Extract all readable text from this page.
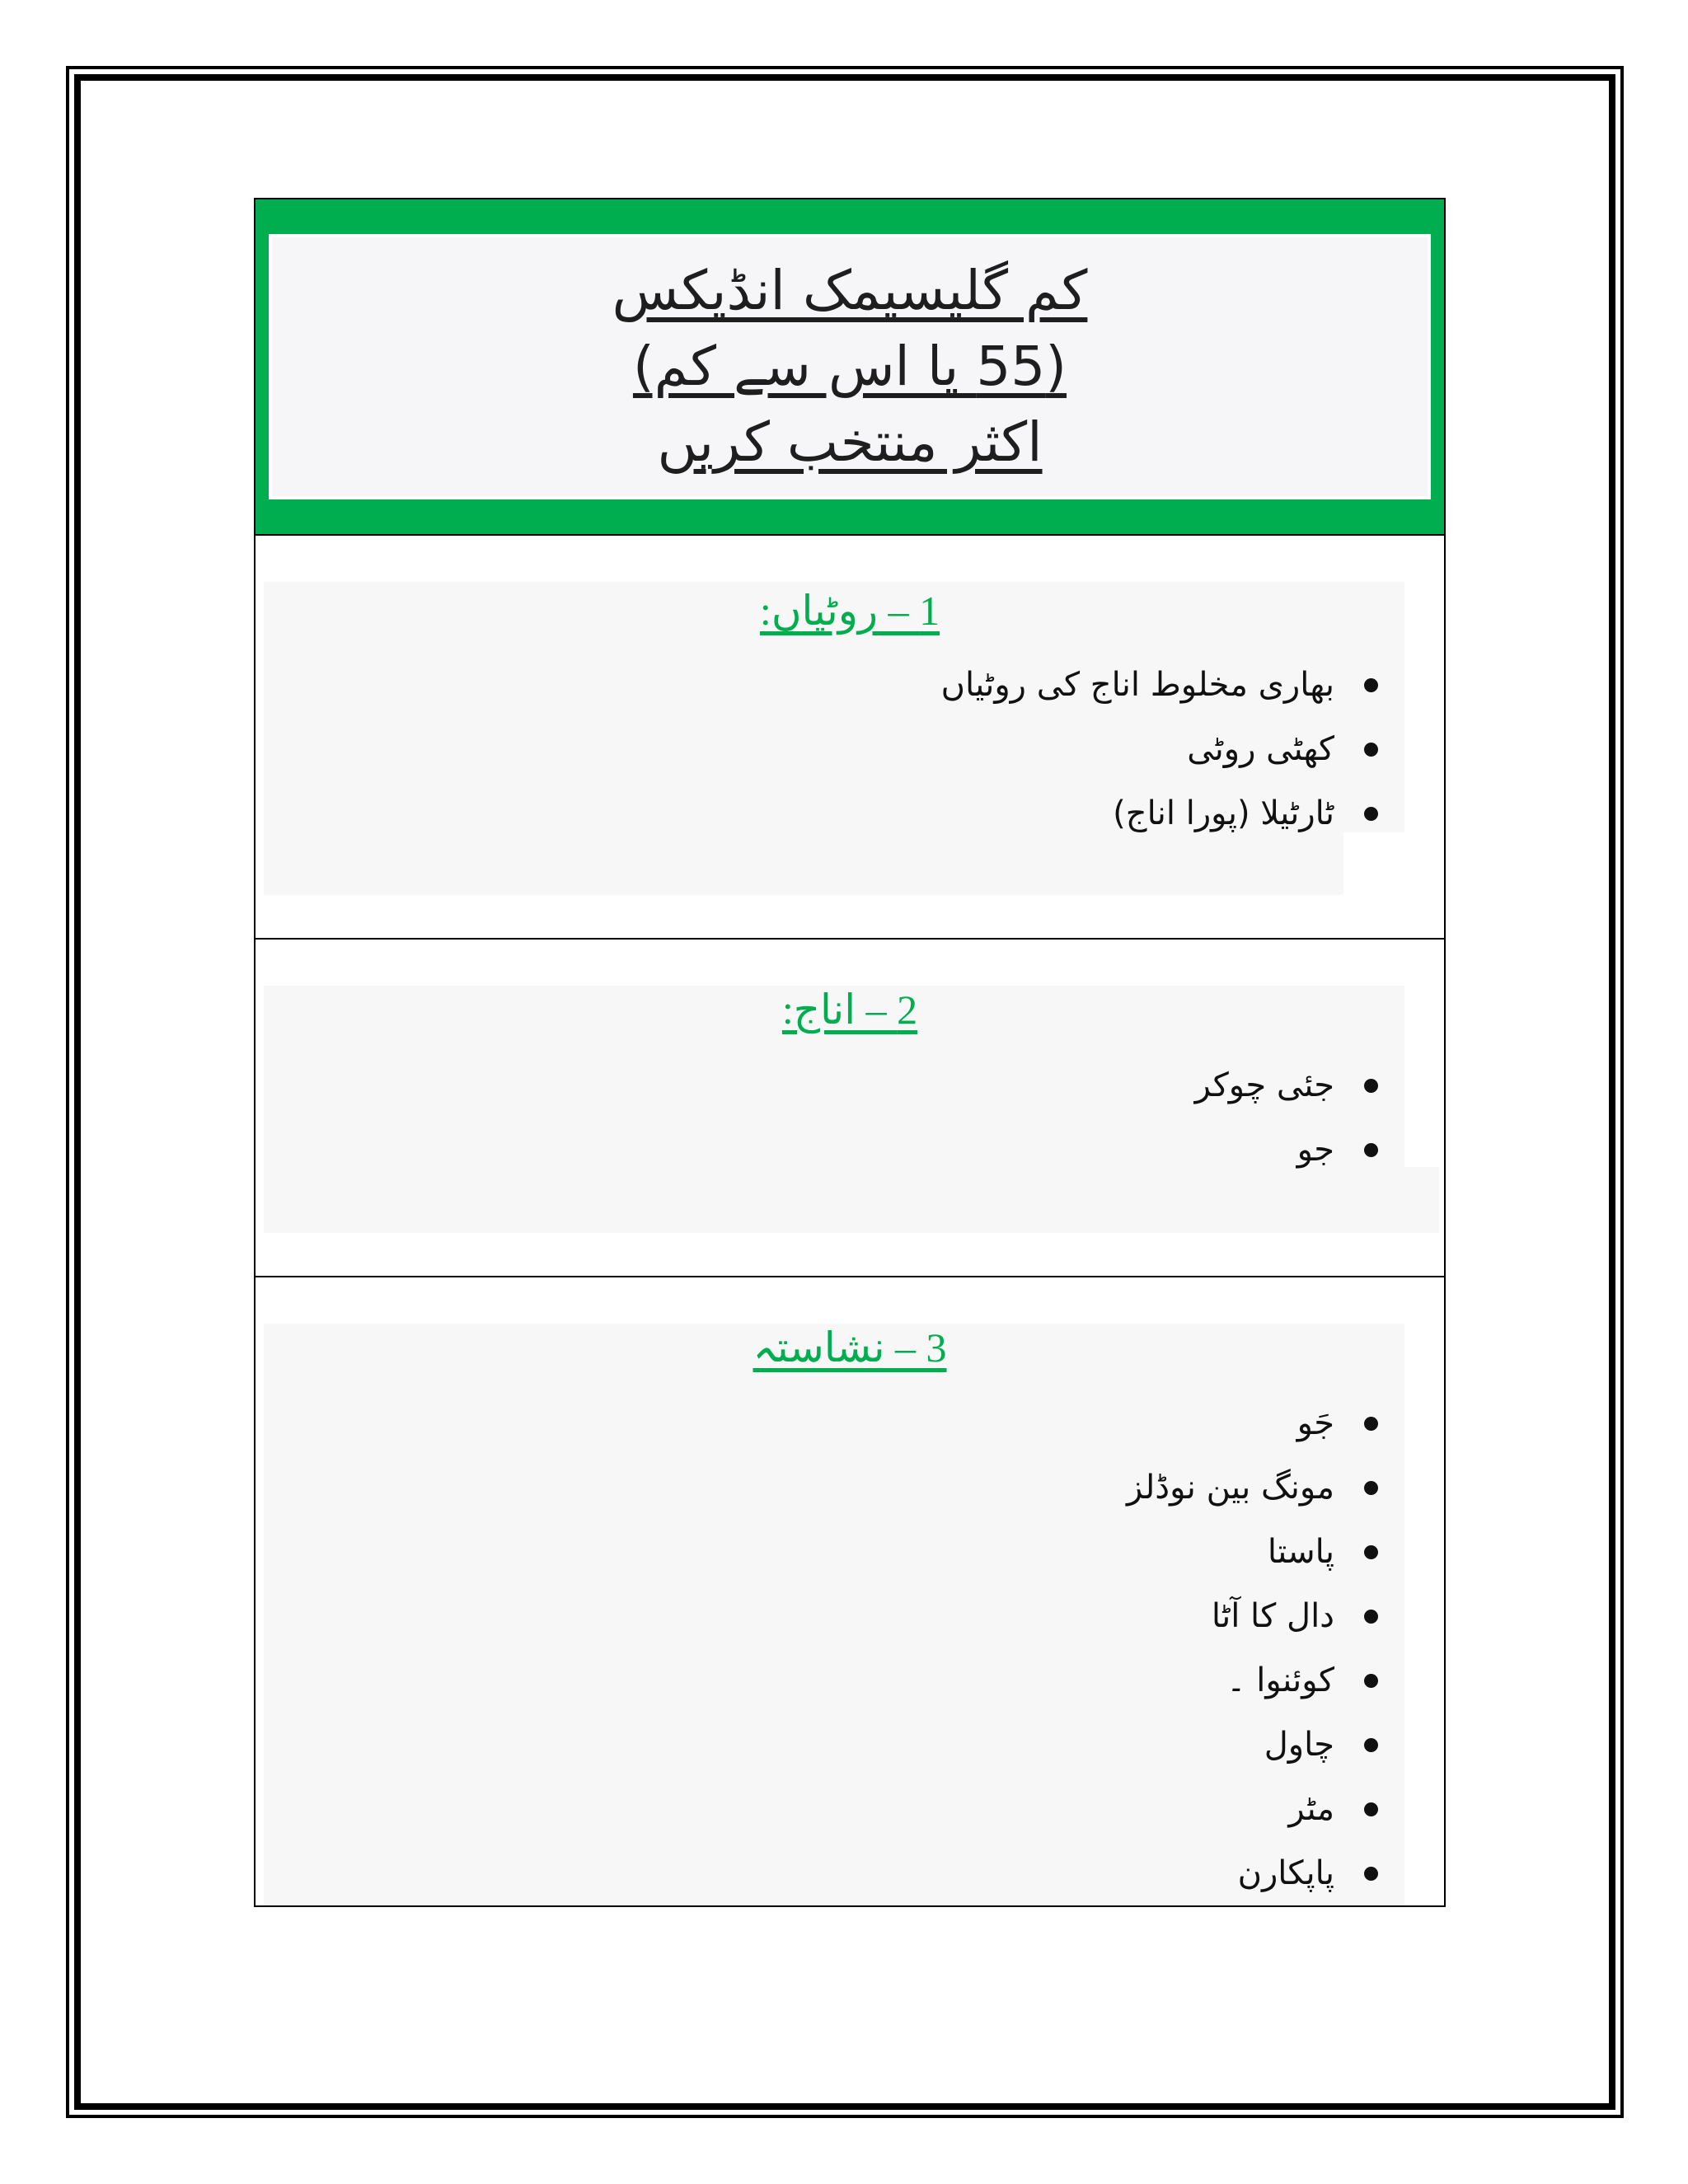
کم گلیسیمک انڈیکس
(55 یا اس سے کم)
اکثر منتخب کریں
1 – روٹیاں:
بھاری مخلوط اناج کی روٹیاں
کھٹی روٹی
ٹارٹیلا (پورا اناج)
2 – اناج:
جئی چوکر
جو
3 – نشاستہ
جَو
مونگ بین نوڈلز
پاستا
دال کا آٹا
کوئنوا ۔
چاول
مٹر
پاپکارن
